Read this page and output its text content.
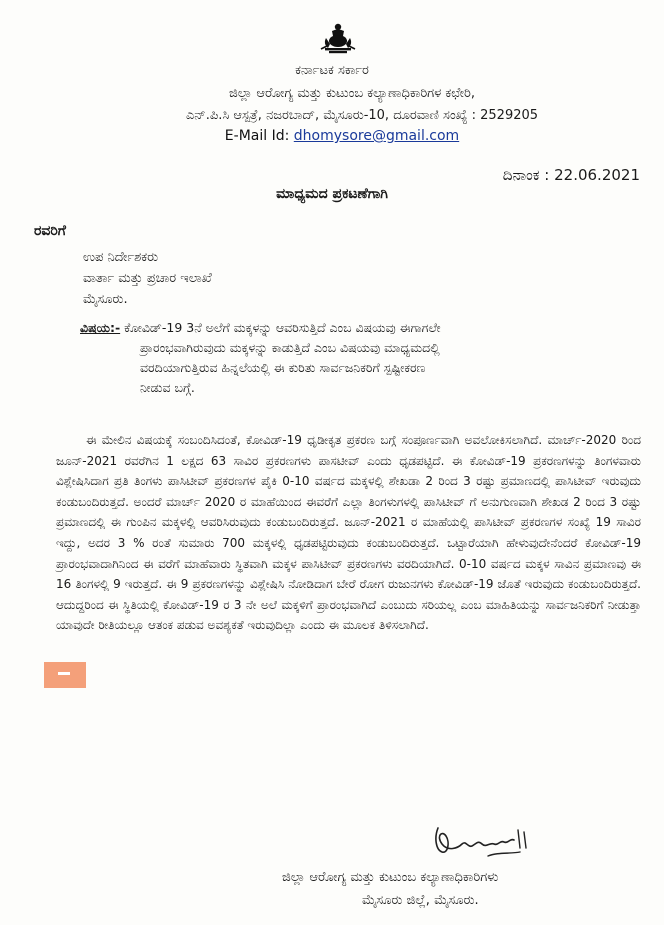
ಕರ್ನಾಟಕ ಸರ್ಕಾರ
ಜಿಲ್ಲಾ ಆರೋಗ್ಯ ಮತ್ತು ಕುಟುಂಬ ಕಲ್ಯಾಣಾಧಿಕಾರಿಗಳ ಕಛೇರಿ,
ಎನ್.ಪಿ.ಸಿ ಆಸ್ಪತ್ರೆ, ನಜರಬಾದ್, ಮೈಸೂರು-10, ದೂರವಾಣಿ ಸಂಖ್ಯೆ : 2529205
E-Mail Id: dhomysore@gmail.com
ದಿನಾಂಕ : 22.06.2021
ಮಾಧ್ಯಮದ ಪ್ರಕಟಣೆಗಾಗಿ
ರವರಿಗೆ
ಉಪ ನಿರ್ದೇಶಕರು
ವಾರ್ತಾ ಮತ್ತು ಪ್ರಚಾರ ಇಲಾಖೆ
ಮೈಸೂರು.
ವಿಷಯ:- ಕೋವಿಡ್-19 3ನೆ ಅಲೆಗೆ ಮಕ್ಕಳನ್ನು ಆವರಿಸುತ್ತಿದೆ ಎಂಬ ವಿಷಯವು ಈಗಾಗಲೇ
ಪ್ರಾರಂಭವಾಗಿರುವುದು ಮಕ್ಕಳನ್ನು ಕಾಡುತ್ತಿದೆ ಎಂಬ ವಿಷಯವು ಮಾಧ್ಯಮದಲ್ಲಿ
ವರದಿಯಾಗುತ್ತಿರುವ ಹಿನ್ನಲೆಯಲ್ಲಿ ಈ ಕುರಿತು ಸಾರ್ವಜನಿಕರಿಗೆ ಸ್ಪಷ್ಟೀಕರಣ
ನೀಡುವ ಬಗ್ಗೆ.
ಈ ಮೇಲಿನ ವಿಷಯಕ್ಕೆ ಸಂಬಂದಿಸಿದಂತೆ, ಕೋವಿಡ್-19 ಧೃಡೀಕೃತ ಪ್ರಕರಣ ಬಗ್ಗೆ ಸಂಪೂರ್ಣವಾಗಿ ಅವಲೋಕಿಸಲಾಗಿದೆ. ಮಾರ್ಚ್-2020 ರಿಂದ ಜೂನ್-2021 ರವರೆಗಿನ 1 ಲಕ್ಷದ 63 ಸಾವಿರ ಪ್ರಕರಣಗಳು ಪಾಸಟೀವ್ ಎಂದು ಧೃಡಪಟ್ಟಿದೆ. ಈ ಕೋವಿಡ್-19 ಪ್ರಕರಣಗಳನ್ನು ತಿಂಗಳವಾರು ವಿಶ್ಲೇಷಿಸಿದಾಗ ಪ್ರತಿ ತಿಂಗಳು ಪಾಸಿಟೀವ್ ಪ್ರಕರಣಗಳ ಪೈಕಿ 0-10 ವರ್ಷದ ಮಕ್ಕಳಲ್ಲಿ ಶೇಖಡಾ 2 ರಿಂದ 3 ರಷ್ಟು ಪ್ರಮಾಣದಲ್ಲಿ ಪಾಸಿಟೀವ್ ಇರುವುದು ಕಂಡುಬಂದಿರುತ್ತದೆ. ಅಂದರೆ ಮಾರ್ಚ್ 2020 ರ ಮಾಹೆಯಿಂದ ಈವರೆಗೆ ಎಲ್ಲಾ ತಿಂಗಳುಗಳಲ್ಲಿ ಪಾಸಿಟೀವ್ ಗೆ ಅನುಗುಣವಾಗಿ ಶೇಖಡ 2 ರಿಂದ 3 ರಷ್ಟು ಪ್ರಮಾಣದಲ್ಲಿ ಈ ಗುಂಪಿನ ಮಕ್ಕಳಲ್ಲಿ ಆವರಿಸಿರುವುದು ಕಂಡುಬಂದಿರುತ್ತದೆ. ಜೂನ್-2021 ರ ಮಾಹೆಯಲ್ಲಿ ಪಾಸಿಟೀವ್ ಪ್ರಕರಣಗಳ ಸಂಖ್ಯೆ 19 ಸಾವಿರ ಇದ್ದು, ಅದರ 3 % ರಂತೆ ಸುಮಾರು 700 ಮಕ್ಕಳಲ್ಲಿ ಧೃಡಪಟ್ಟಿರುವುದು ಕಂಡುಬಂದಿರುತ್ತದೆ. ಒಟ್ಟಾರೆಯಾಗಿ ಹೇಳುವುದೇನೆಂದರೆ ಕೋವಿಡ್-19 ಪ್ರಾರಂಭವಾದಾಗಿನಿಂದ ಈ ವರೆಗೆ ಮಾಹೆವಾರು ಸ್ಥಿತವಾಗಿ ಮಕ್ಕಳ ಪಾಸಿಟೀವ್ ಪ್ರಕರಣಗಳು ವರದಿಯಾಗಿದೆ. 0-10 ವರ್ಷದ ಮಕ್ಕಳ ಸಾವಿನ ಪ್ರಮಾಣವು ಈ 16 ತಿಂಗಳಲ್ಲಿ 9 ಇರುತ್ತದೆ. ಈ 9 ಪ್ರಕರಣಗಳನ್ನು ವಿಶ್ಲೇಷಿಸಿ ನೋಡಿದಾಗ ಬೇರೆ ರೋಗ ರುಜುನಗಳು ಕೋವಿಡ್-19 ಜೊತೆ ಇರುವುದು ಕಂಡುಬಂದಿರುತ್ತದೆ. ಆದುದ್ದರಿಂದ ಈ ಸ್ಥಿತಿಯಲ್ಲಿ ಕೋವಿಡ್-19 ರ 3 ನೇ ಅಲೆ ಮಕ್ಕಳಿಗೆ ಪ್ರಾರಂಭವಾಗಿದೆ ಎಂಬುದು ಸರಿಯಲ್ಲ ಎಂಬ ಮಾಹಿತಿಯನ್ನು ಸಾರ್ವಜನಿಕರಿಗೆ ನೀಡುತ್ತಾ ಯಾವುದೇ ರೀತಿಯಲ್ಲೂ ಆತಂಕ ಪಡುವ ಅವಶ್ಯಕತೆ ಇರುವುದಿಲ್ಲಾ ಎಂದು ಈ ಮೂಲಕ ತಿಳಿಸಲಾಗಿದೆ.
ಜಿಲ್ಲಾ ಆರೋಗ್ಯ ಮತ್ತು ಕುಟುಂಬ ಕಲ್ಯಾಣಾಧಿಕಾರಿಗಳು
ಮೈಸೂರು ಜಿಲ್ಲೆ, ಮೈಸೂರು.
